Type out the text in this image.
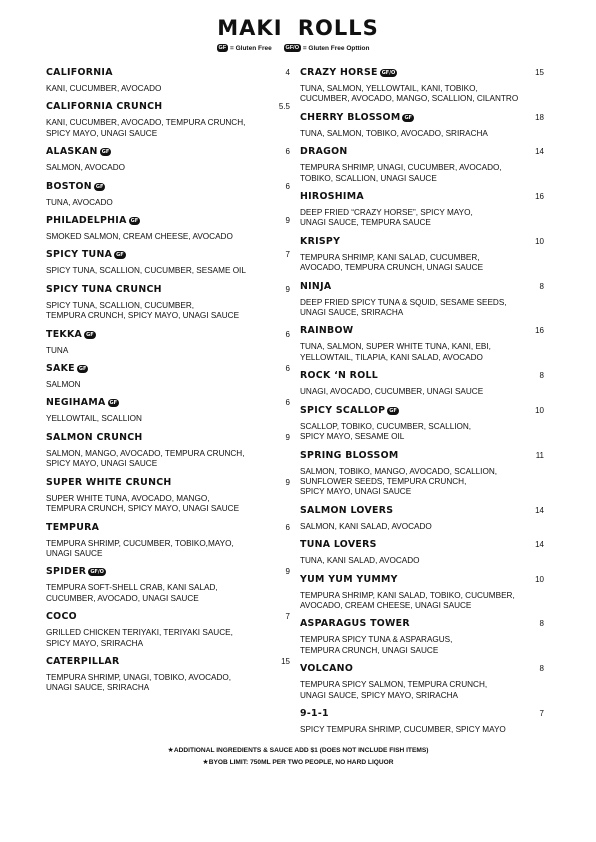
MAKI ROLLS
GF = Gluten Free	GF/O = Gluten Free Opttion
CALIFORNIA	4
KANI, CUCUMBER, AVOCADO
CALIFORNIA CRUNCH	5.5
KANI, CUCUMBER, AVOCADO, TEMPURA CRUNCH,
SPICY MAYO, UNAGI SAUCE
ALASKAN GF	6
SALMON, AVOCADO
BOSTON GF	6
TUNA, AVOCADO
PHILADELPHIA GF	9
SMOKED SALMON, CREAM CHEESE, AVOCADO
SPICY TUNA GF	7
SPICY TUNA, SCALLION, CUCUMBER, SESAME OIL
SPICY TUNA CRUNCH	9
SPICY TUNA, SCALLION, CUCUMBER,
TEMPURA CRUNCH, SPICY MAYO, UNAGI SAUCE
TEKKA GF	6
TUNA
SAKE GF	6
SALMON
NEGIHAMA GF	6
YELLOWTAIL, SCALLION
SALMON CRUNCH	9
SALMON, MANGO, AVOCADO, TEMPURA CRUNCH,
SPICY MAYO, UNAGI SAUCE
SUPER WHITE CRUNCH	9
SUPER WHITE TUNA, AVOCADO, MANGO,
TEMPURA CRUNCH, SPICY MAYO, UNAGI SAUCE
TEMPURA	6
TEMPURA SHRIMP, CUCUMBER, TOBIKO,MAYO,
UNAGI SAUCE
SPIDER GF/O	9
TEMPURA SOFT-SHELL CRAB, KANI SALAD,
CUCUMBER, AVOCADO, UNAGI SAUCE
COCO	7
GRILLED CHICKEN TERIYAKI, TERIYAKI SAUCE,
SPICY MAYO, SRIRACHA
CATERPILLAR	15
TEMPURA SHRIMP, UNAGI, TOBIKO, AVOCADO,
UNAGI SAUCE, SRIRACHA
CRAZY HORSE GF/O	15
TUNA, SALMON, YELLOWTAIL, KANI, TOBIKO,
CUCUMBER, AVOCADO, MANGO, SCALLION, CILANTRO
CHERRY BLOSSOM GF	18
TUNA, SALMON, TOBIKO, AVOCADO, SRIRACHA
DRAGON	14
TEMPURA SHRIMP, UNAGI, CUCUMBER, AVOCADO,
TOBIKO, SCALLION, UNAGI SAUCE
HIROSHIMA	16
DEEP FRIED “CRAZY HORSE”, SPICY MAYO,
UNAGI SAUCE, TEMPURA SAUCE
KRISPY	10
TEMPURA SHRIMP, KANI SALAD, CUCUMBER,
AVOCADO, TEMPURA CRUNCH, UNAGI SAUCE
NINJA	8
DEEP FRIED SPICY TUNA & SQUID, SESAME SEEDS,
UNAGI SAUCE, SRIRACHA
RAINBOW	16
TUNA, SALMON, SUPER WHITE TUNA, KANI, EBI,
YELLOWTAIL, TILAPIA, KANI SALAD, AVOCADO
ROCK ‘N ROLL	8
UNAGI, AVOCADO, CUCUMBER, UNAGI SAUCE
SPICY SCALLOP GF	10
SCALLOP, TOBIKO, CUCUMBER, SCALLION,
SPICY MAYO, SESAME OIL
SPRING BLOSSOM	11
SALMON, TOBIKO, MANGO, AVOCADO, SCALLION,
SUNFLOWER SEEDS, TEMPURA CRUNCH,
SPICY MAYO, UNAGI SAUCE
SALMON LOVERS	14
SALMON, KANI SALAD, AVOCADO
TUNA LOVERS	14
TUNA, KANI SALAD, AVOCADO
YUM YUM YUMMY	10
TEMPURA SHRIMP, KANI SALAD, TOBIKO, CUCUMBER,
AVOCADO, CREAM CHEESE, UNAGI SAUCE
ASPARAGUS TOWER	8
TEMPURA SPICY TUNA & ASPARAGUS,
TEMPURA CRUNCH, UNAGI SAUCE
VOLCANO	8
TEMPURA SPICY SALMON, TEMPURA CRUNCH,
UNAGI SAUCE, SPICY MAYO, SRIRACHA
9-1-1	7
SPICY TEMPURA SHRIMP, CUCUMBER, SPICY MAYO
★ADDITIONAL INGREDIENTS & SAUCE ADD $1 (DOES NOT INCLUDE FISH ITEMS)
★BYOB LIMIT: 750ML PER TWO PEOPLE, NO HARD LIQUOR
